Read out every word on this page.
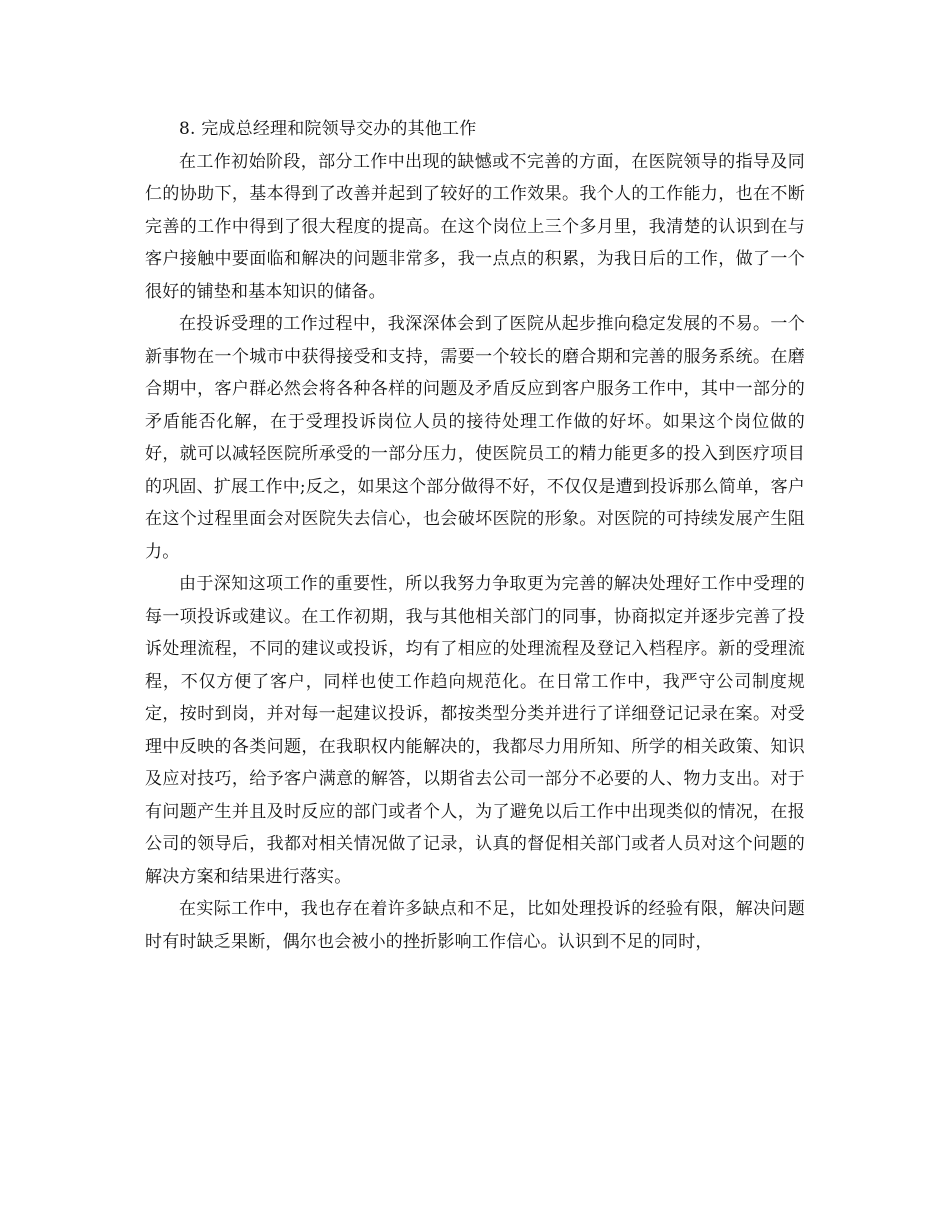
8. 完成总经理和院领导交办的其他工作

在工作初始阶段，部分工作中出现的缺憾或不完善的方面，在医院领导的指导及同仁的协助下，基本得到了改善并起到了较好的工作效果。我个人的工作能力，也在不断完善的工作中得到了很大程度的提高。在这个岗位上三个多月里，我清楚的认识到在与客户接触中要面临和解决的问题非常多，我一点点的积累，为我日后的工作，做了一个很好的铺垫和基本知识的储备。

在投诉受理的工作过程中，我深深体会到了医院从起步推向稳定发展的不易。一个新事物在一个城市中获得接受和支持，需要一个较长的磨合期和完善的服务系统。在磨合期中，客户群必然会将各种各样的问题及矛盾反应到客户服务工作中，其中一部分的矛盾能否化解，在于受理投诉岗位人员的接待处理工作做的好坏。如果这个岗位做的好，就可以减轻医院所承受的一部分压力，使医院员工的精力能更多的投入到医疗项目的巩固、扩展工作中;反之，如果这个部分做得不好，不仅仅是遭到投诉那么简单，客户在这个过程里面会对医院失去信心，也会破坏医院的形象。对医院的可持续发展产生阻力。

由于深知这项工作的重要性，所以我努力争取更为完善的解决处理好工作中受理的每一项投诉或建议。在工作初期，我与其他相关部门的同事，协商拟定并逐步完善了投诉处理流程，不同的建议或投诉，均有了相应的处理流程及登记入档程序。新的受理流程，不仅方便了客户，同样也使工作趋向规范化。在日常工作中，我严守公司制度规定，按时到岗，并对每一起建议投诉，都按类型分类并进行了详细登记记录在案。对受理中反映的各类问题，在我职权内能解决的，我都尽力用所知、所学的相关政策、知识及应对技巧，给予客户满意的解答，以期省去公司一部分不必要的人、物力支出。对于有问题产生并且及时反应的部门或者个人，为了避免以后工作中出现类似的情况，在报公司的领导后，我都对相关情况做了记录，认真的督促相关部门或者人员对这个问题的解决方案和结果进行落实。

在实际工作中，我也存在着许多缺点和不足，比如处理投诉的经验有限，解决问题时有时缺乏果断，偶尔也会被小的挫折影响工作信心。认识到不足的同时，
